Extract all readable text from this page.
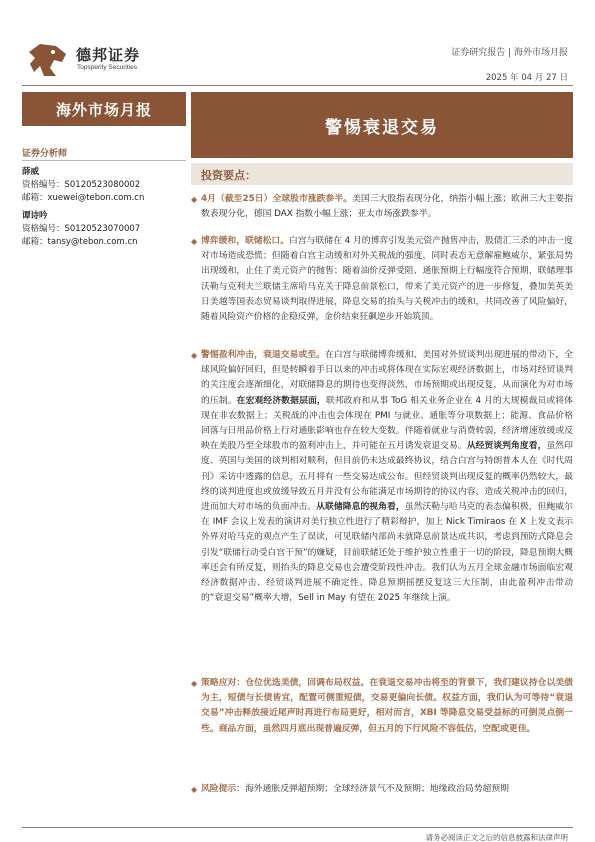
德邦证券
Topsperity Securities
证券研究报告 | 海外市场月报
2025 年 04 月 27 日
海外市场月报
警惕衰退交易
证券分析师
薛威
资格编号：S0120523080002
邮箱：xuewei@tebon.com.cn
谭诗吟
资格编号：S0120523070007
邮箱：tansy@tebon.com.cn
投资要点：
◆ 4月（截至25日）全球股市涨跌参半。美国三大股指表现分化，纳指小幅上涨；欧洲三大主要指数表现分化，德国 DAX 指数小幅上涨；亚太市场涨跌参半。
◆ 博弈缓和，联储松口。白宫与联储在 4 月的博弈引发美元资产抛售冲击，股债汇三杀的冲击一度对市场造成恐慌；但随着白宫主动缓和对外关税战的强度，同时表态无意解雇鲍威尔，紧张局势出现缓和，止住了美元资产的抛售；随着油价反弹受阻、通胀预期上行幅度符合预期，联储理事沃勒与克利夫兰联储主席哈马克关于降息前景松口，带来了美元资产的进一步修复，叠加美英美日美越等国表态贸易谈判取得进展，降息交易的抬头与关税冲击的缓和，共同改善了风险偏好，随着风险资产价格的企稳反弹，金价结束狂飙逆步开始筑顶。
◆ 警惕盈利冲击，衰退交易或至。在白宫与联储博弈缓和、美国对外贸谈判出现进展的带动下，全球风险偏好回归，但是转瞬着手日以来的冲击或将体现在实际宏观经济数据上，市场对经贸谈判的关注度会逐渐细化，对联储降息的期待也变得淡然，市场预期或出现反复，从而演化为对市场的压制。在宏观经济数据层面，联邦政府和从事 ToG 相关业务企业在 4 月的大规模裁员或将体现在非农数据上；关税战的冲击也会体现在 PMI 与就业、通胀等分项数据上；能源、食品价格回落与日用品价格上行对通胀影响也存在较大变数。伴随着就业与消费转弱，经济增速放缓或反映在美股乃至全球股市的盈利冲击上，并可能在五月诱发衰退交易。从经贸谈判角度看，虽然印度、英国与美国的谈判相对顺利，但目前仍未达成最终协议，结合白宫与特朗普本人在《时代周刊》采访中透露的信息，五月将有一些交易达成公布。但经贸谈判出现反复的概率仍然较大，最终的谈判进度也或放缓导致五月并没有公布能满足市场期待的协议内容，造成关税冲击的回归，进而加大对市场的负面冲击。从联储降息的视角看，虽然沃勒与哈马克的表态偏积极，但鲍威尔在 IMF 会议上发表的演讲对美行独立性进行了精彩辩护，加上 Nick Timiraos 在 X 上发文表示外界对哈马克的观点产生了误读，可见联储内部尚未就降息前景达成共识，考虑到预防式降息会引发“联储行动受白宫干预”的嫌疑，目前联储还处于维护独立性重于一切的阶段，降息预期大概率还会有所反复，则抬头的降息交易也会遭受阶段性冲击。我们认为五月全球金融市场面临宏观经济数据冲击、经贸谈判进展不确定性、降息预期摇摆反复这三大压制，由此盈利冲击带动的“衰退交易”概率大增，Sell in May 有望在 2025 年继续上演。
◆ 策略应对：仓位优选美债，回调布局权益。在衰退交易冲击将至的背景下，我们建议持仓以美债为主，短债与长债皆宜，配置可侧重短债，交易更偏向长债。权益方面，我们认为可等待“衰退交易”冲击释放接近尾声时再进行布局更好，相对而言，XBI 等降息交易受益标的可倒灵点倒一些。商品方面，虽然四月底出现普遍反弹，但五月的下行风险不容低估，空配或更佳。
◆ 风险提示：海外通胀反弹超预期；全球经济景气不及预期；地缘政治局势超预期
请务必阅读正文之后的信息披露和法律声明
